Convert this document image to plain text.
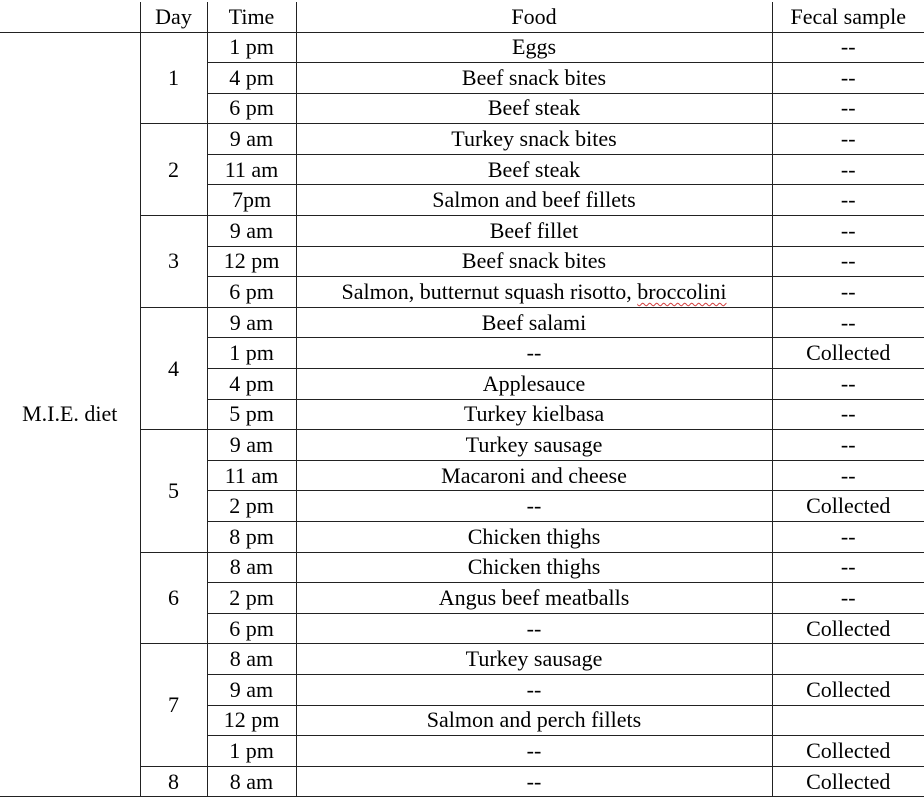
	Day	Time	Food	Fecal sample
M.I.E. diet	1	1 pm	Eggs	--
		4 pm	Beef snack bites	--
		6 pm	Beef steak	--
	2	9 am	Turkey snack bites	--
		11 am	Beef steak	--
		7pm	Salmon and beef fillets	--
	3	9 am	Beef fillet	--
		12 pm	Beef snack bites	--
		6 pm	Salmon, butternut squash risotto, broccolini	--
	4	9 am	Beef salami	--
		1 pm	--	Collected
		4 pm	Applesauce	--
		5 pm	Turkey kielbasa	--
	5	9 am	Turkey sausage	--
		11 am	Macaroni and cheese	--
		2 pm	--	Collected
		8 pm	Chicken thighs	--
	6	8 am	Chicken thighs	--
		2 pm	Angus beef meatballs	--
		6 pm	--	Collected
	7	8 am	Turkey sausage	
		9 am	--	Collected
		12 pm	Salmon and perch fillets	
		1 pm	--	Collected
	8	8 am	--	Collected
